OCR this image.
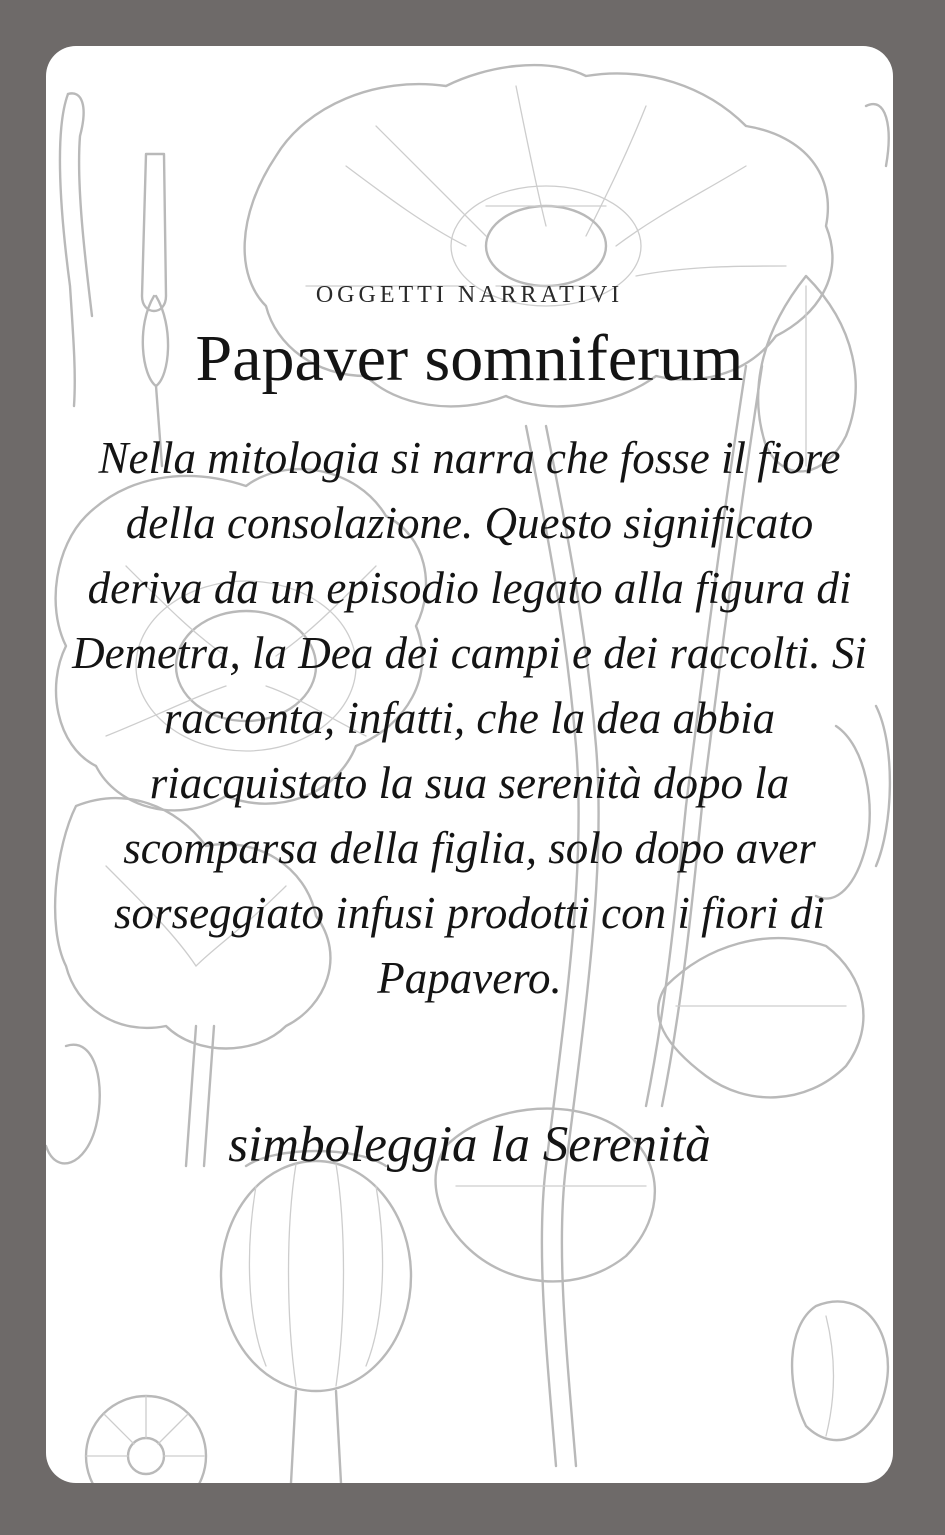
OGGETTI NARRATIVI
Papaver somniferum
Nella mitologia si narra che fosse il fiore della consolazione. Questo significato deriva da un episodio legato alla figura di Demetra, la Dea dei campi e dei raccolti. Si racconta, infatti, che la dea abbia riacquistato la sua serenità dopo la scomparsa della figlia, solo dopo aver sorseggiato infusi prodotti con i fiori di Papavero.
simboleggia la Serenità
